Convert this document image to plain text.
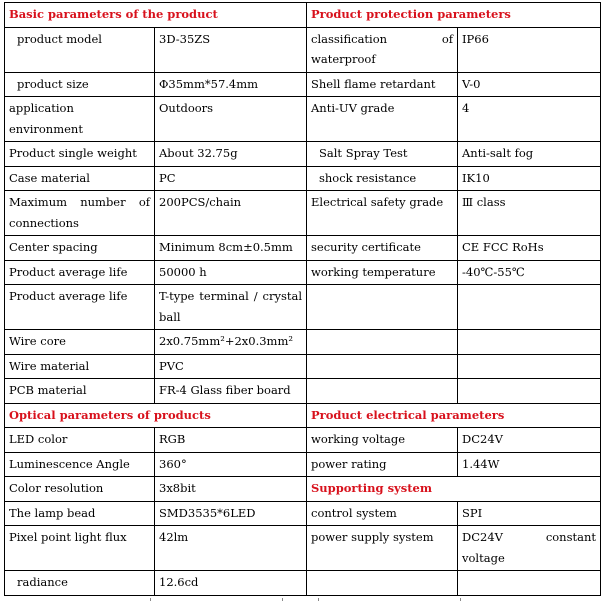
Basic parameters of the product		Product protection parameters	
product model	3D-35ZS	classification of waterproof	IP66
product size	Φ35mm*57.4mm	Shell flame retardant	V-0
application environment	Outdoors	Anti-UV grade	4
Product single weight	About 32.75g	Salt Spray Test	Anti-salt fog
Case material	PC	shock resistance	IK10
Maximum number of connections	200PCS/chain	Electrical safety grade	Ⅲ class
Center spacing	Minimum 8cm±0.5mm	security certificate	CE FCC RoHs
Product average life	50000 h	working temperature	-40℃-55℃
Product average life	T-type terminal / crystal ball		
Wire core	2x0.75mm²+2x0.3mm²		
Wire material	PVC		
PCB material	FR-4 Glass fiber board		
Optical parameters of products		Product electrical parameters	
LED color	RGB	working voltage	DC24V
Luminescence Angle	360°	power rating	1.44W
Color resolution	3x8bit	Supporting system	
The lamp bead	SMD3535*6LED	control system	SPI
Pixel point light flux	42lm	power supply system	DC24V constant voltage
radiance	12.6cd		
